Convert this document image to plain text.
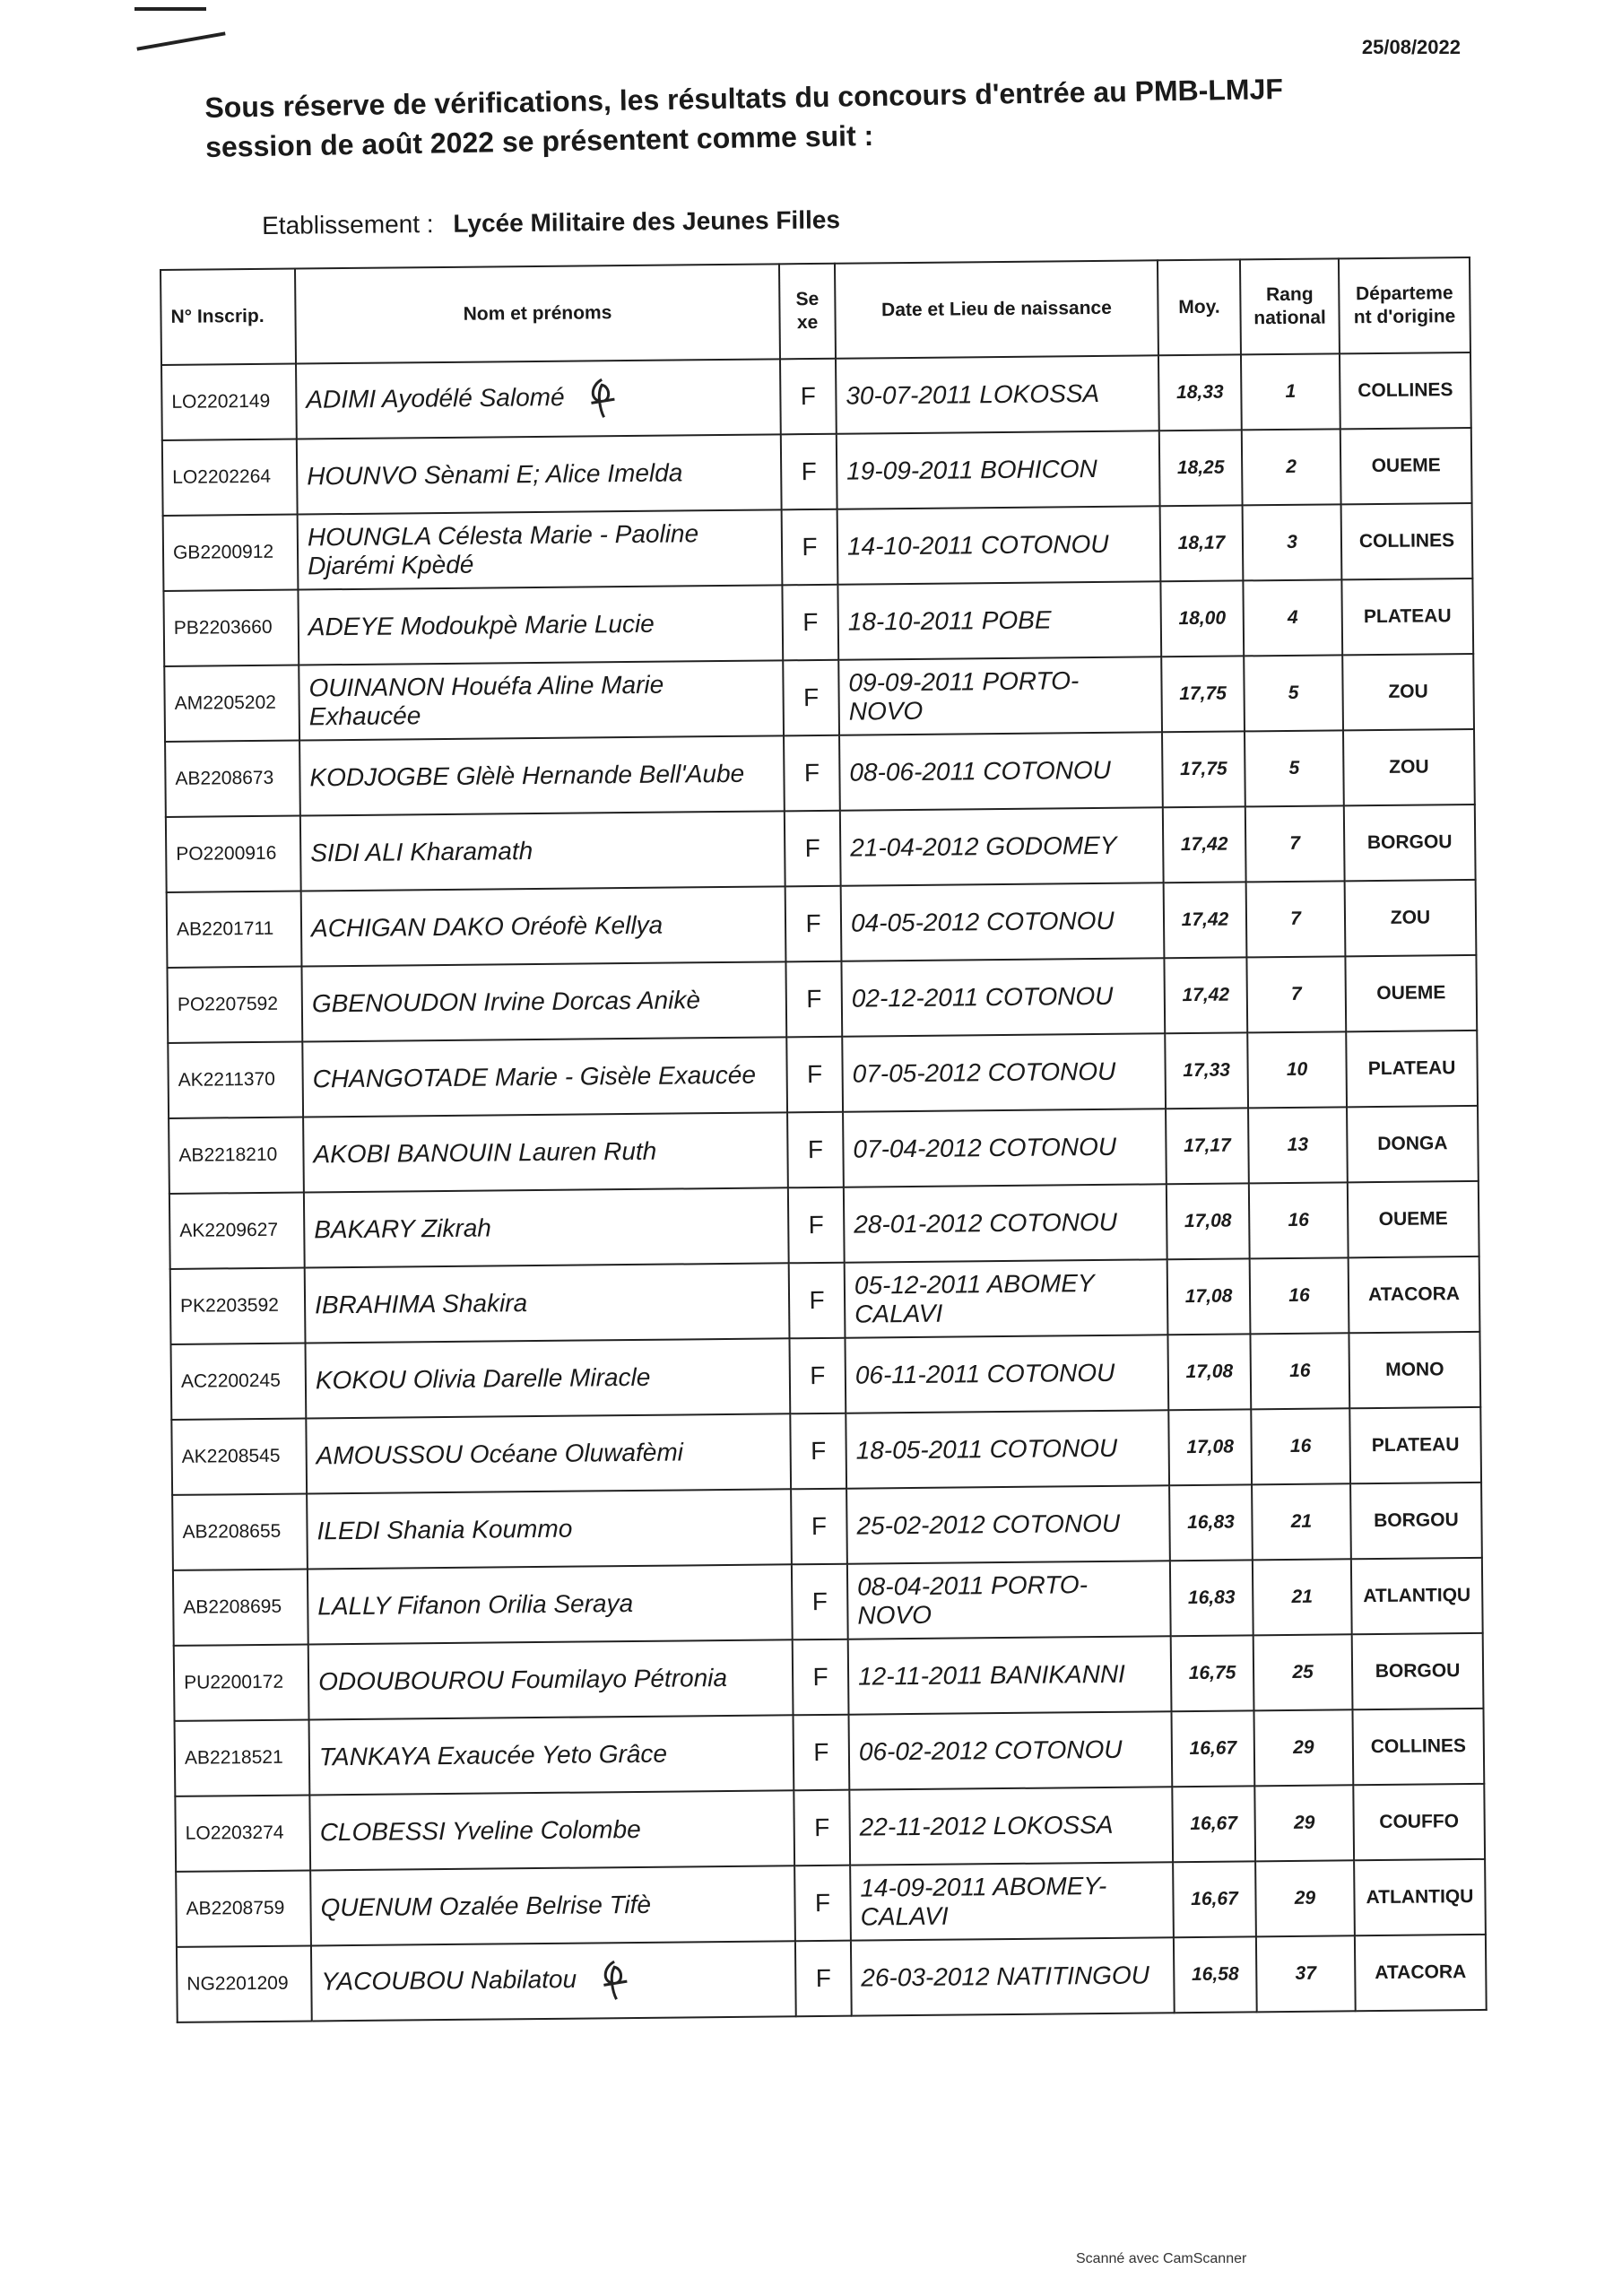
25/08/2022
Sous réserve de vérifications, les résultats du concours d'entrée au PMB-LMJF session de août 2022 se présentent comme suit :
Etablissement : Lycée Militaire des Jeunes Filles
N° Inscrip.	Nom et prénoms	Se xe	Date et Lieu de naissance	Moy.	Rang national	Départeme nt d'origine
LO2202149	ADIMI Ayodélé Salomé	F	30-07-2011 LOKOSSA	18,33	1	COLLINES
LO2202264	HOUNVO Sènami E; Alice Imelda	F	19-09-2011 BOHICON	18,25	2	OUEME
GB2200912	HOUNGLA Célesta Marie - Paoline Djarémi Kpèdé	F	14-10-2011 COTONOU	18,17	3	COLLINES
PB2203660	ADEYE Modoukpè Marie Lucie	F	18-10-2011 POBE	18,00	4	PLATEAU
AM2205202	OUINANON Houéfa Aline Marie Exhaucée	F	09-09-2011 PORTO-NOVO	17,75	5	ZOU
AB2208673	KODJOGBE Glèlè Hernande Bell'Aube	F	08-06-2011 COTONOU	17,75	5	ZOU
PO2200916	SIDI ALI Kharamath	F	21-04-2012 GODOMEY	17,42	7	BORGOU
AB2201711	ACHIGAN DAKO Oréofè Kellya	F	04-05-2012 COTONOU	17,42	7	ZOU
PO2207592	GBENOUDON Irvine Dorcas Anikè	F	02-12-2011 COTONOU	17,42	7	OUEME
AK2211370	CHANGOTADE Marie - Gisèle Exaucée	F	07-05-2012 COTONOU	17,33	10	PLATEAU
AB2218210	AKOBI BANOUIN Lauren Ruth	F	07-04-2012 COTONOU	17,17	13	DONGA
AK2209627	BAKARY Zikrah	F	28-01-2012 COTONOU	17,08	16	OUEME
PK2203592	IBRAHIMA Shakira	F	05-12-2011 ABOMEY CALAVI	17,08	16	ATACORA
AC2200245	KOKOU Olivia Darelle Miracle	F	06-11-2011 COTONOU	17,08	16	MONO
AK2208545	AMOUSSOU Océane Oluwafèmi	F	18-05-2011 COTONOU	17,08	16	PLATEAU
AB2208655	ILEDI Shania Koummo	F	25-02-2012 COTONOU	16,83	21	BORGOU
AB2208695	LALLY Fifanon Orilia Seraya	F	08-04-2011 PORTO-NOVO	16,83	21	ATLANTIQU
PU2200172	ODOUBOUROU Foumilayo Pétronia	F	12-11-2011 BANIKANNI	16,75	25	BORGOU
AB2218521	TANKAYA Exaucée Yeto Grâce	F	06-02-2012 COTONOU	16,67	29	COLLINES
LO2203274	CLOBESSI Yveline Colombe	F	22-11-2012 LOKOSSA	16,67	29	COUFFO
AB2208759	QUENUM Ozalée Belrise Tifè	F	14-09-2011 ABOMEY-CALAVI	16,67	29	ATLANTIQU
NG2201209	YACOUBOU Nabilatou	F	26-03-2012 NATITINGOU	16,58	37	ATACORA
Scanné avec CamScanner
